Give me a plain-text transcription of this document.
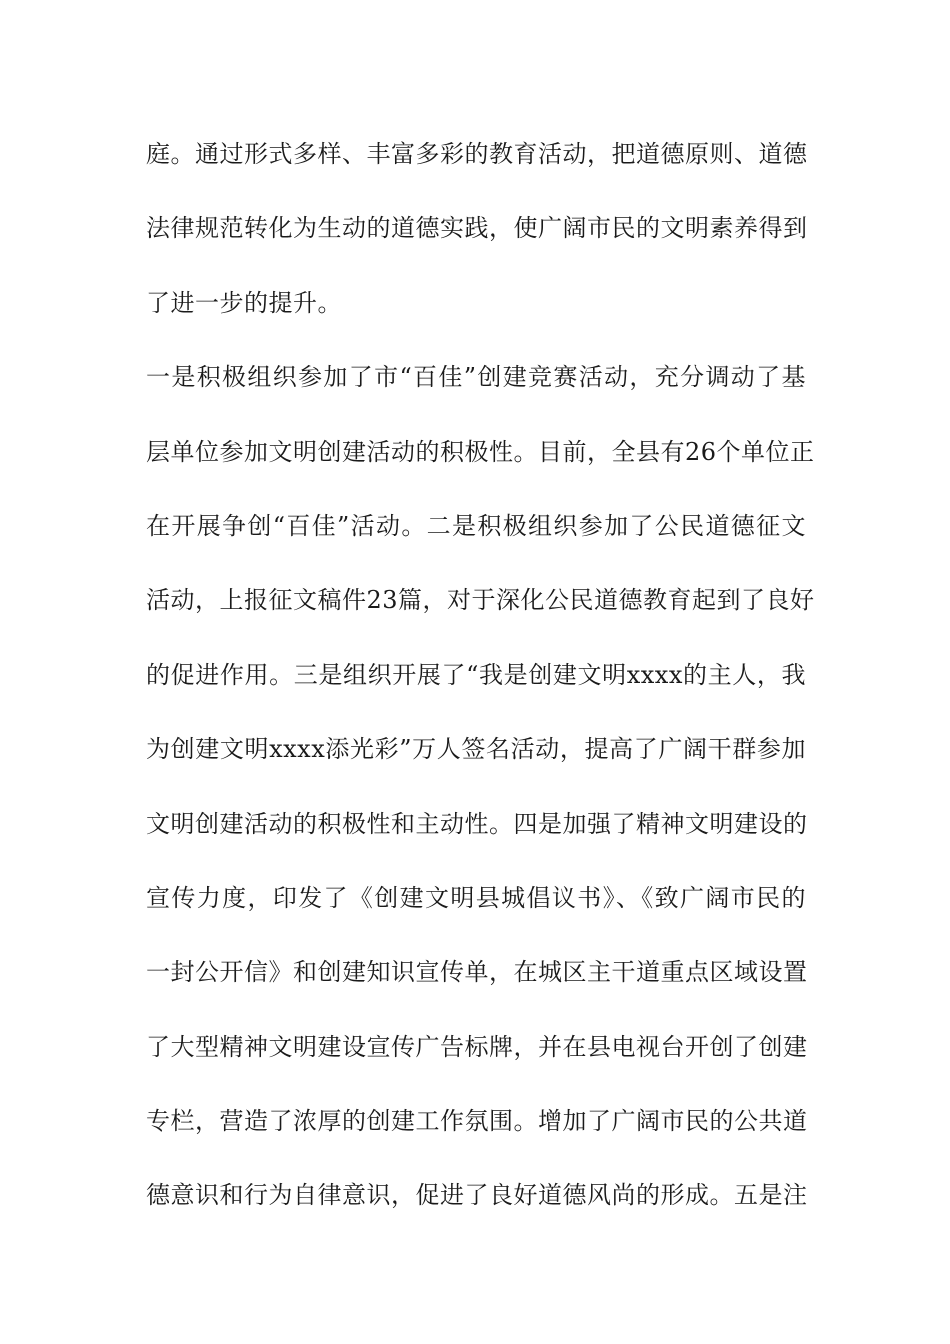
庭。通过形式多样、丰富多彩的教育活动，把道德原则、道德
法律规范转化为生动的道德实践，使广阔市民的文明素养得到
了进一步的提升。
一是积极组织参加了市“百佳”创建竞赛活动，充分调动了基
层单位参加文明创建活动的积极性。目前，全县有26个单位正
在开展争创“百佳”活动。二是积极组织参加了公民道德征文
活动，上报征文稿件23篇，对于深化公民道德教育起到了良好
的促进作用。三是组织开展了“我是创建文明xxxx的主人，我
为创建文明xxxx添光彩”万人签名活动，提高了广阔干群参加
文明创建活动的积极性和主动性。四是加强了精神文明建设的
宣传力度，印发了《创建文明县城倡议书》、《致广阔市民的
一封公开信》和创建知识宣传单，在城区主干道重点区域设置
了大型精神文明建设宣传广告标牌，并在县电视台开创了创建
专栏，营造了浓厚的创建工作氛围。增加了广阔市民的公共道
德意识和行为自律意识，促进了良好道德风尚的形成。五是注
